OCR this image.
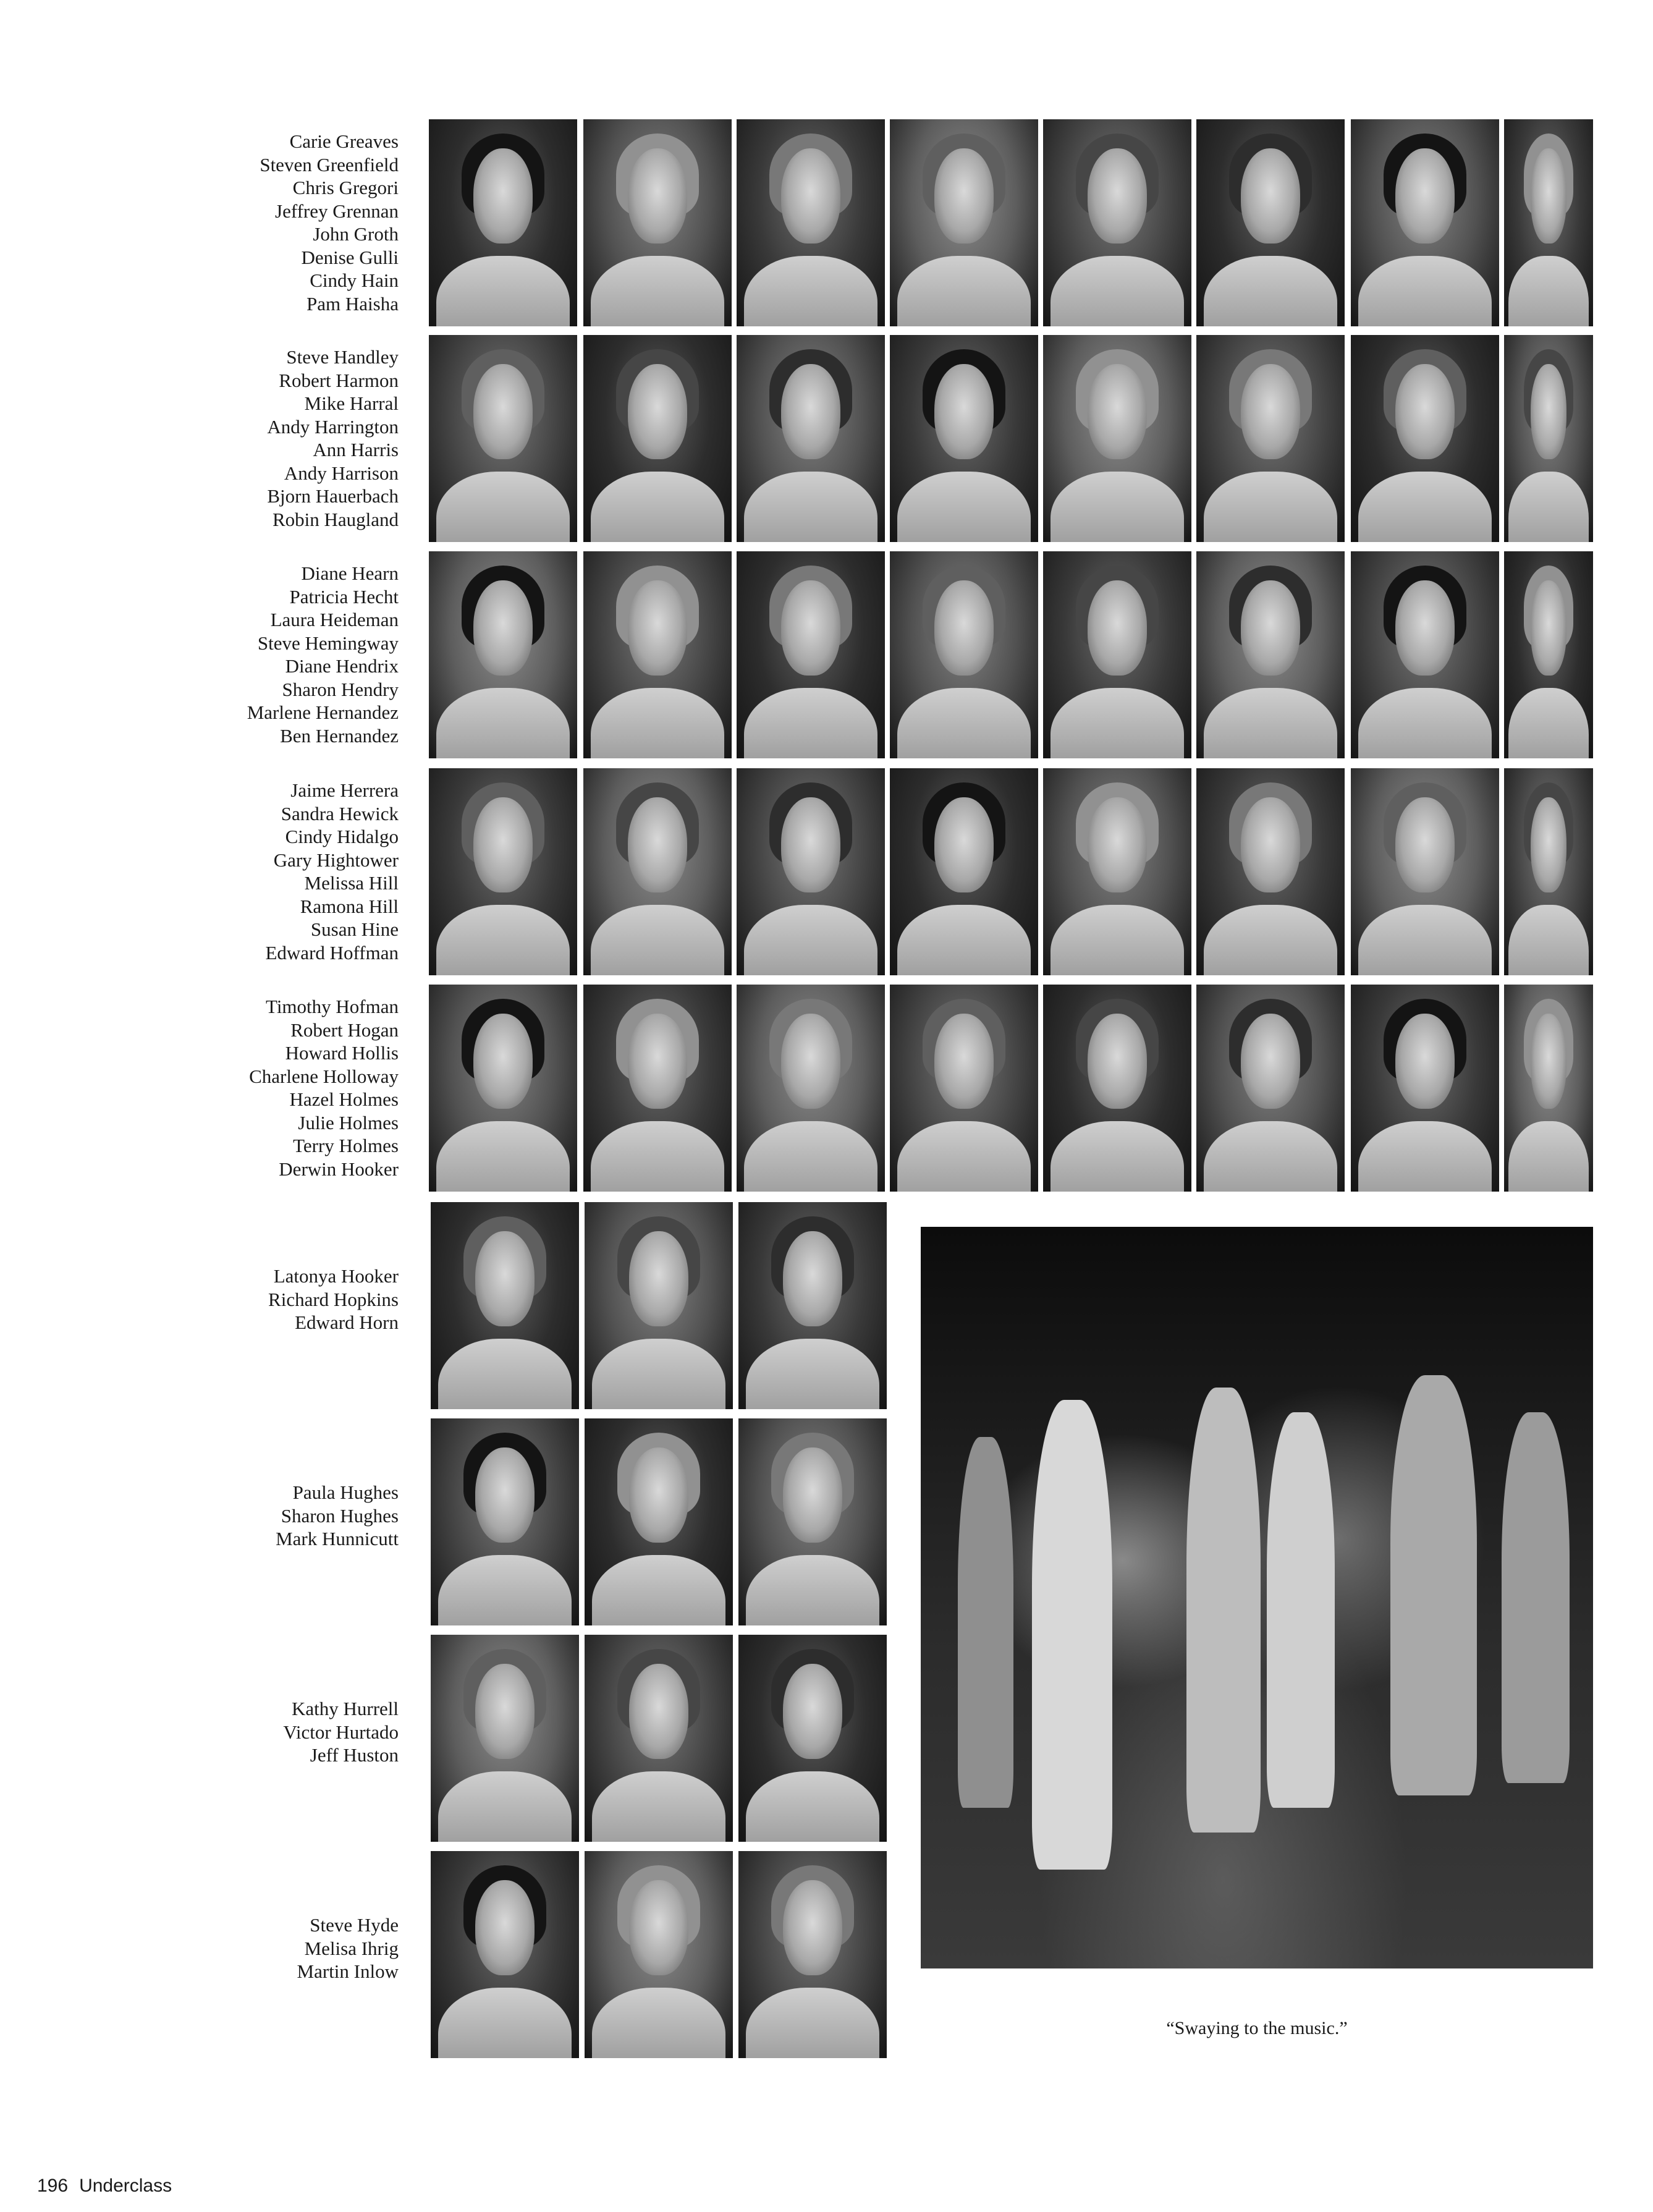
Carie Greaves
Steven Greenfield
Chris Gregori
Jeffrey Grennan
John Groth
Denise Gulli
Cindy Hain
Pam Haisha
Steve Handley
Robert Harmon
Mike Harral
Andy Harrington
Ann Harris
Andy Harrison
Bjorn Hauerbach
Robin Haugland
Diane Hearn
Patricia Hecht
Laura Heideman
Steve Hemingway
Diane Hendrix
Sharon Hendry
Marlene Hernandez
Ben Hernandez
Jaime Herrera
Sandra Hewick
Cindy Hidalgo
Gary Hightower
Melissa Hill
Ramona Hill
Susan Hine
Edward Hoffman
Timothy Hofman
Robert Hogan
Howard Hollis
Charlene Holloway
Hazel Holmes
Julie Holmes
Terry Holmes
Derwin Hooker
Latonya Hooker
Richard Hopkins
Edward Horn
Paula Hughes
Sharon Hughes
Mark Hunnicutt
Kathy Hurrell
Victor Hurtado
Jeff Huston
Steve Hyde
Melisa Ihrig
Martin Inlow
“Swaying to the music.”
196 Underclass
